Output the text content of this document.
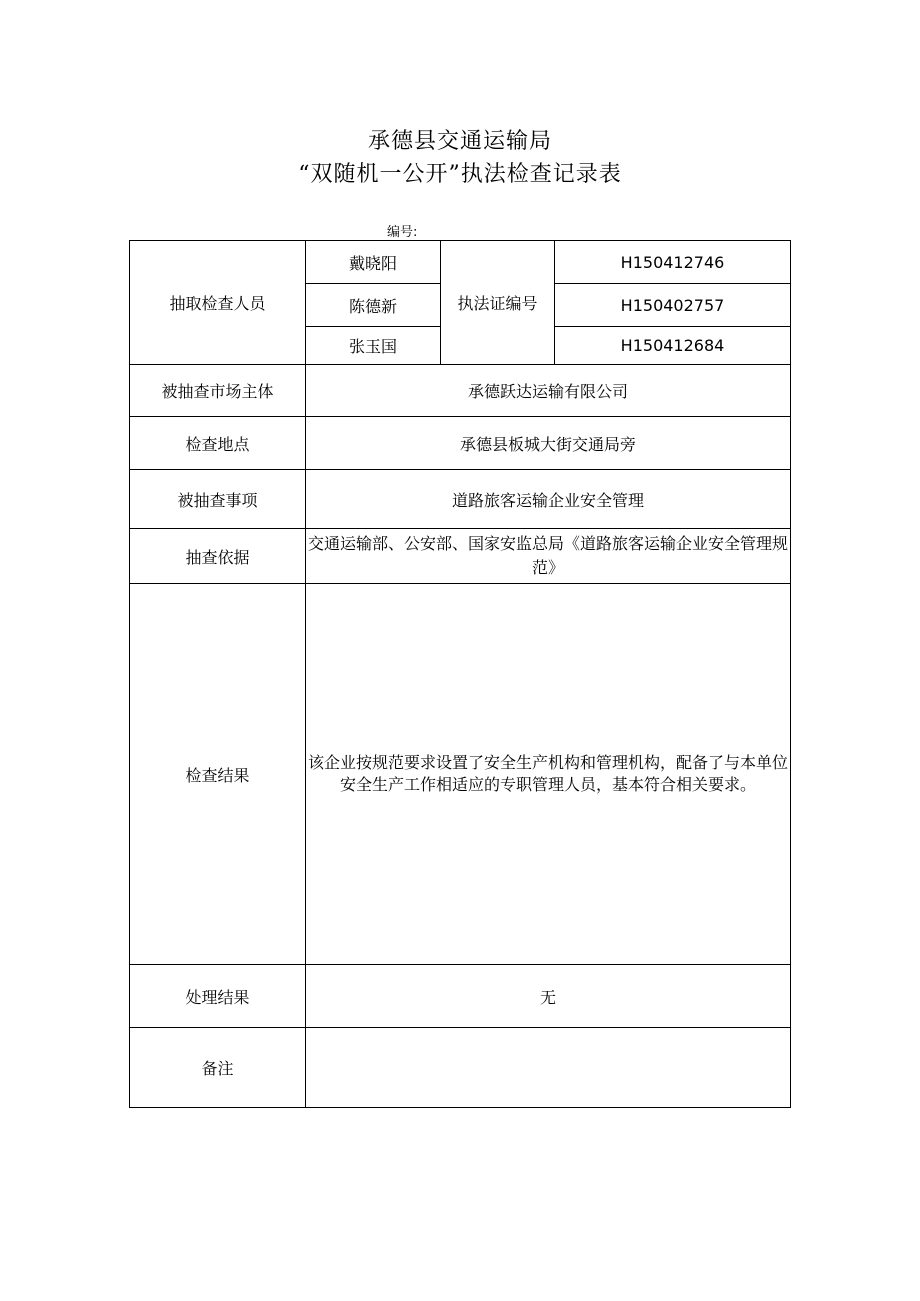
承德县交通运输局
“双随机一公开”执法检查记录表
编号:
抽取检查人员	戴晓阳	执法证编号	H150412746
	陈德新		H150402757
	张玉国		H150412684
被抽查市场主体	承德跃达运输有限公司		
检查地点	承德县板城大街交通局旁		
被抽查事项	道路旅客运输企业安全管理		
抽查依据	交通运输部、公安部、国家安监总局《道路旅客运输企业安全管理规范》		
检查结果	该企业按规范要求设置了安全生产机构和管理机构，配备了与本单位安全生产工作相适应的专职管理人员，基本符合相关要求。		
处理结果	无		
备注			
